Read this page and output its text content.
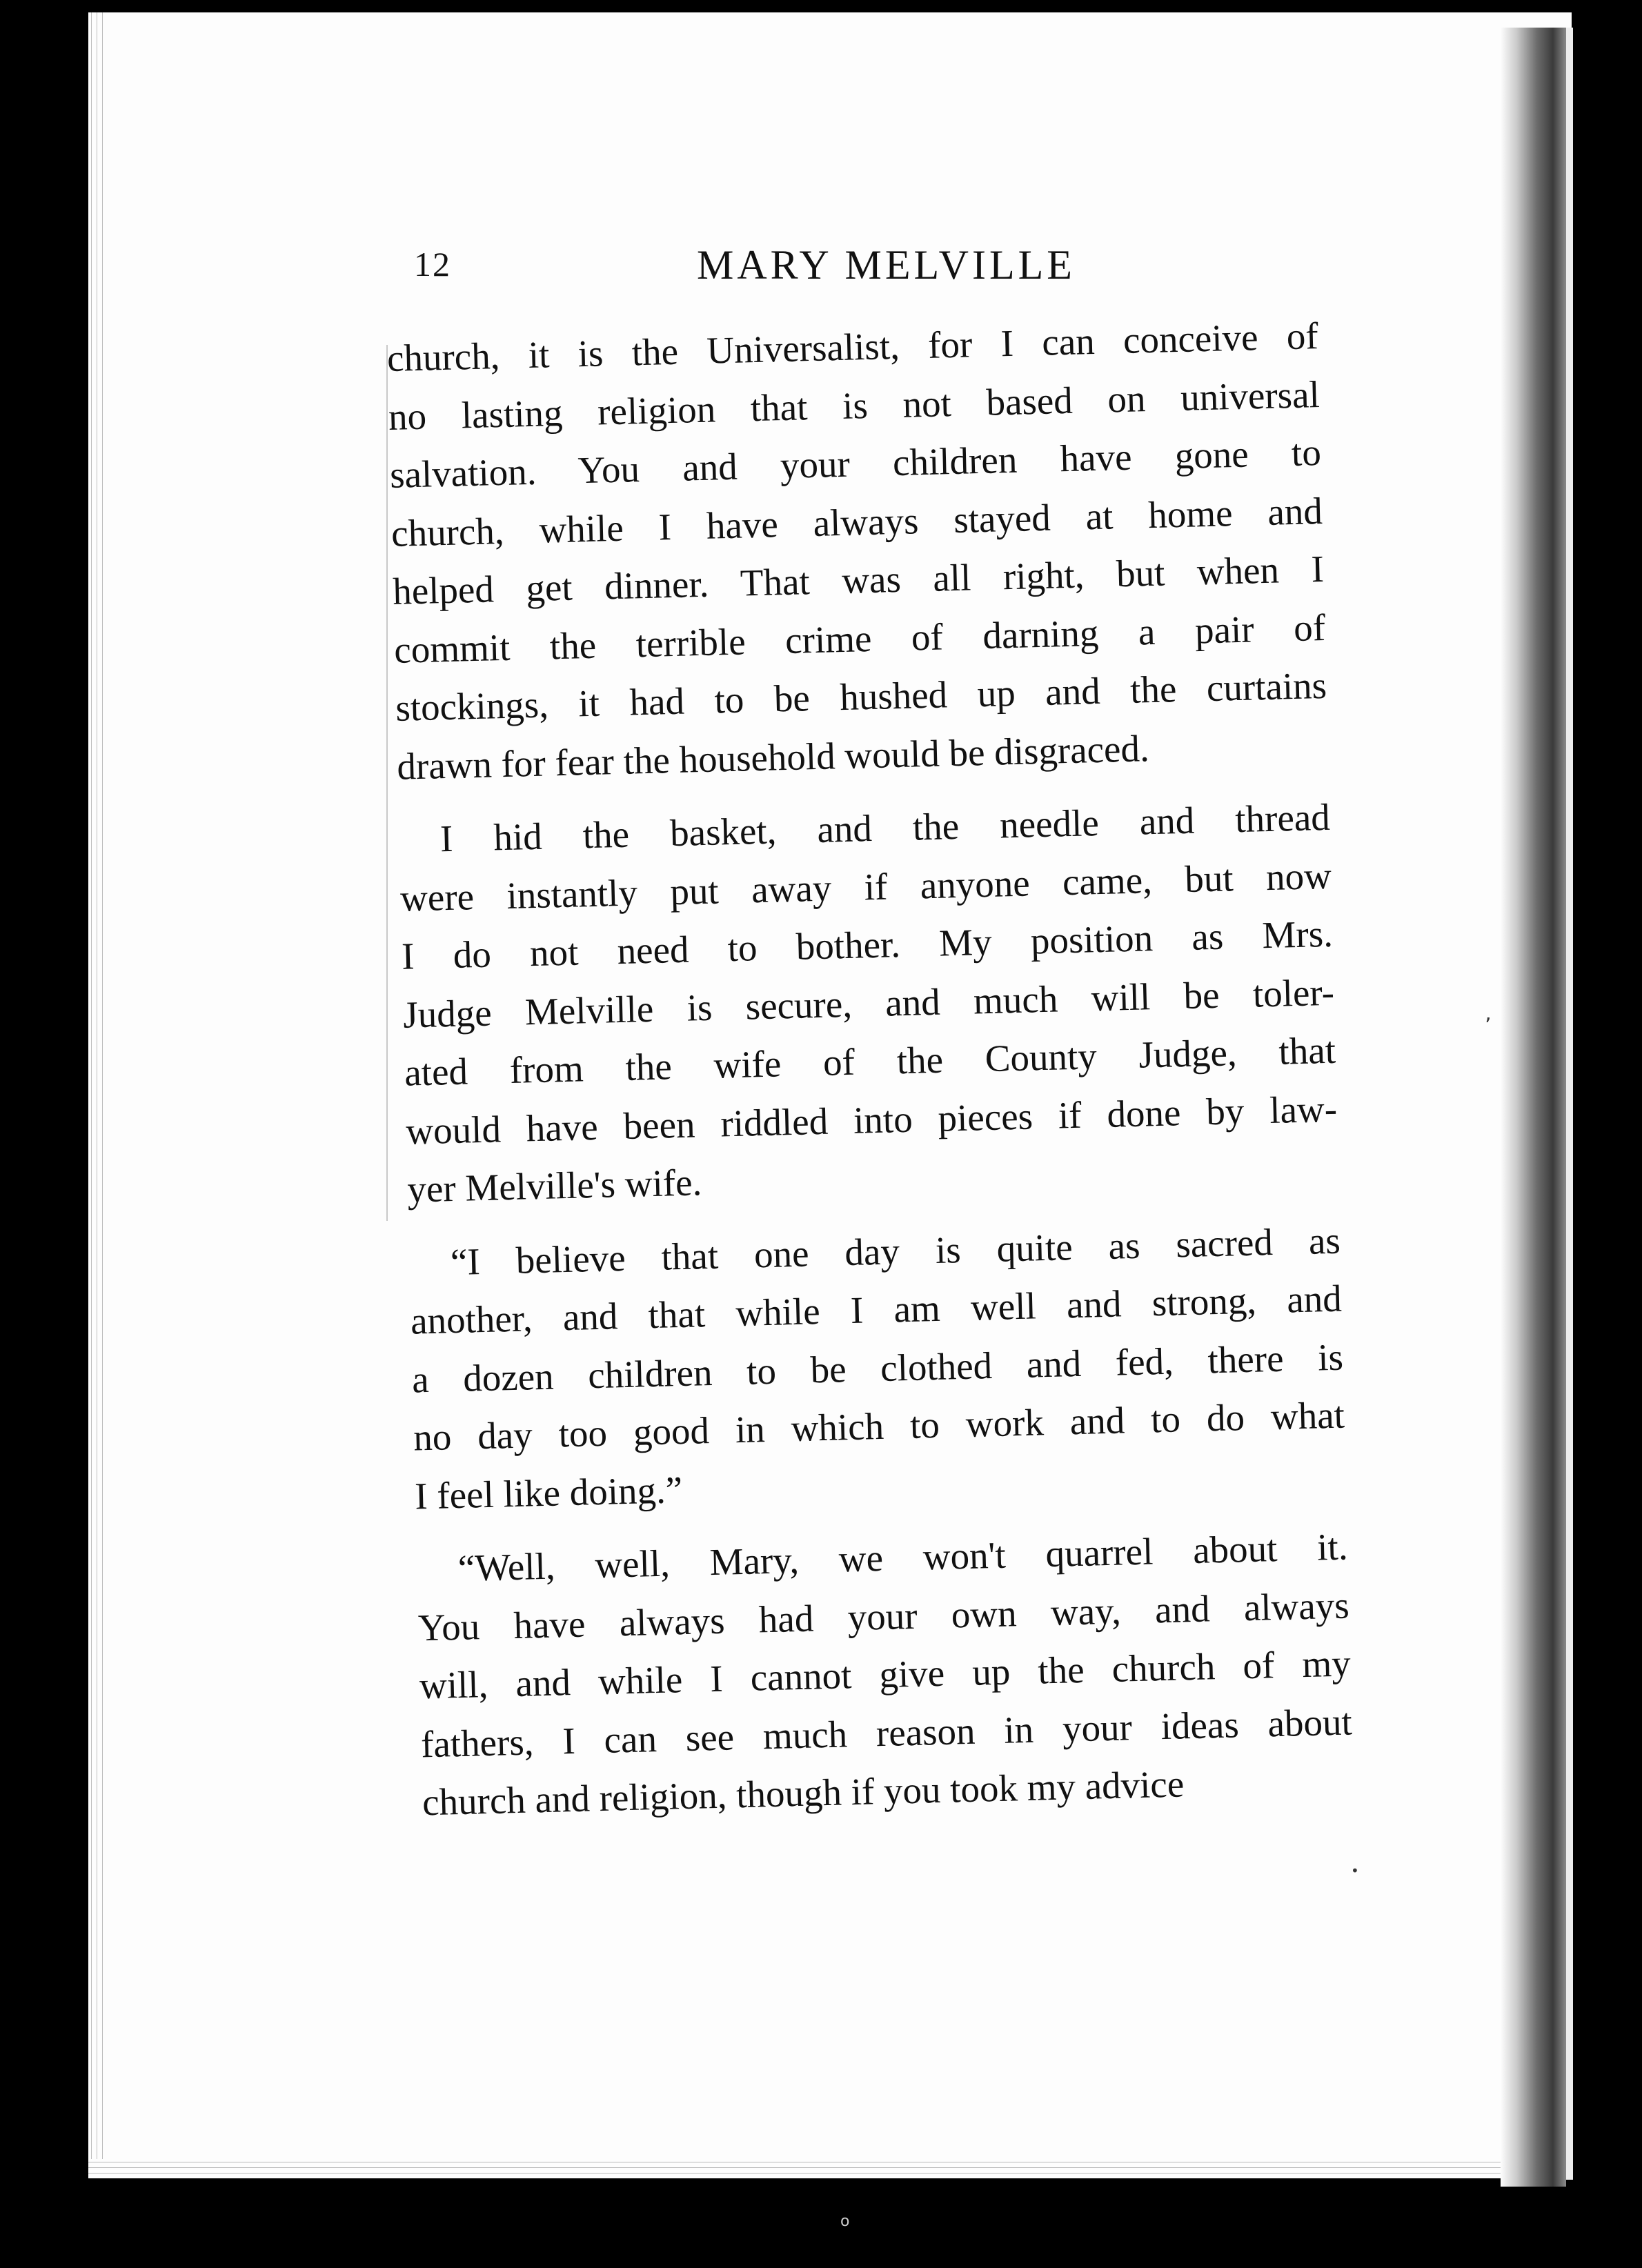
12	MARY MELVILLE
church, it is the Universalist, for I can conceive of
no lasting religion that is not based on universal
salvation. You and your children have gone to
church, while I have always stayed at home and
helped get dinner. That was all right, but when I
commit the terrible crime of darning a pair of
stockings, it had to be hushed up and the curtains
drawn for fear the household would be disgraced.
I hid the basket, and the needle and thread
were instantly put away if anyone came, but now
I do not need to bother. My position as Mrs.
Judge Melville is secure, and much will be toler-
ated from the wife of the County Judge, that
would have been riddled into pieces if done by law-
yer Melville's wife.
“I believe that one day is quite as sacred as
another, and that while I am well and strong, and
a dozen children to be clothed and fed, there is
no day too good in which to work and to do what
I feel like doing.”
“Well, well, Mary, we won't quarrel about it.
You have always had your own way, and always
will, and while I cannot give up the church of my
fathers, I can see much reason in your ideas about
church and religion, though if you took my advice
’
•
o
